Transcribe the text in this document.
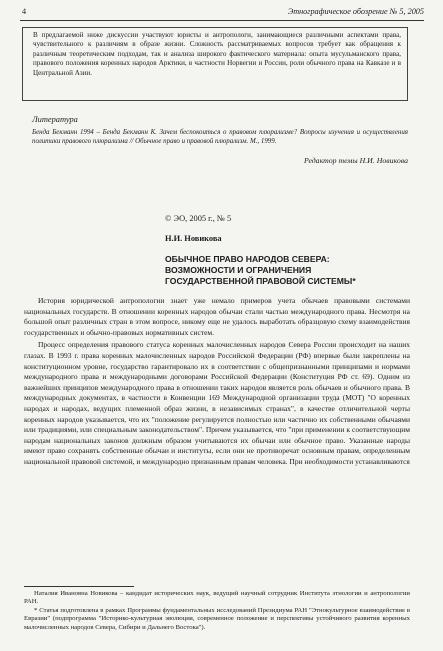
4	Этнографическое обозрение № 5, 2005
В предлагаемой ниже дискуссии участвуют юристы и антропологи, занимающиеся различными аспектами права, чувствительного к различиям в образе жизни. Сложность рассматриваемых вопросов требует как обращения к различным теоретическим подходам, так и анализа широкого фактического материала: опыта мусульманского права, правового положения коренных народов Арктики, в частности Норвегии и России, роли обычного права на Кавказе и в Центральной Азии.
Литература
Бенда Бекманн 1994 – Бенда Бекманн К. Зачем беспокоиться о правовом плюрализме? Вопросы изучения и осуществления политики правового плюрализма // Обычное право и правовой плюрализм. М., 1999.
Редактор темы Н.И. Новикова
© ЭО, 2005 г., № 5
Н.И. Новикова
ОБЫЧНОЕ ПРАВО НАРОДОВ СЕВЕРА:
ВОЗМОЖНОСТИ И ОГРАНИЧЕНИЯ
ГОСУДАРСТВЕННОЙ ПРАВОВОЙ СИСТЕМЫ*

История юридической антропологии знает уже немало примеров учета обычаев правовыми системами национальных государств. В отношении коренных народов обычаи стали частью международного права. Несмотря на большой опыт различных стран в этом вопросе, никому еще не удалось выработать образцовую схему взаимодействия государственных и обычно-правовых нормативных систем.

Процесс определения правового статуса коренных малочисленных народов Севера России происходит на наших глазах. В 1993 г. права коренных малочисленных народов Российской Федерации (РФ) впервые были закреплены на конституционном уровне, государство гарантировало их в соответствии с общепризнанными принципами и нормами международного права и международными договорами Российской Федерации (Конституция РФ ст. 69). Одним из важнейших принципов международного права в отношении таких народов является роль обычаев и обычного права. В международных документах, в частности в Конвенции 169 Международной организации труда (МОТ) "О коренных народах и народах, ведущих племенной образ жизни, в независимых странах", в качестве отличительной черты коренных народов указывается, что их "положение регулируется полностью или частично их собственными обычаями или традициями, или специальным законодательством". Причем указывается, что "при применении к соответствующим народам национальных законов должным образом учитываются их обычаи или обычное право. Указанные народы имеют право сохранять собственные обычаи и институты, если они не противоречат основным правам, определенным национальной правовой системой, и международно признанным правам человека. При необходимости устанавливаются

Наталия Ивановна Новикова – кандидат исторических наук, ведущий научный сотрудник Института этнологии и антропологии РАН.

* Статья подготовлена в рамках Программы фундаментальных исследований Президиума РАН "Этнокультурное взаимодействие в Евразии" (подпрограмма "Историко-культурная эволюция, современное положение и перспективы устойчивого развития коренных малочисленных народов Севера, Сибири и Дальнего Востока").
